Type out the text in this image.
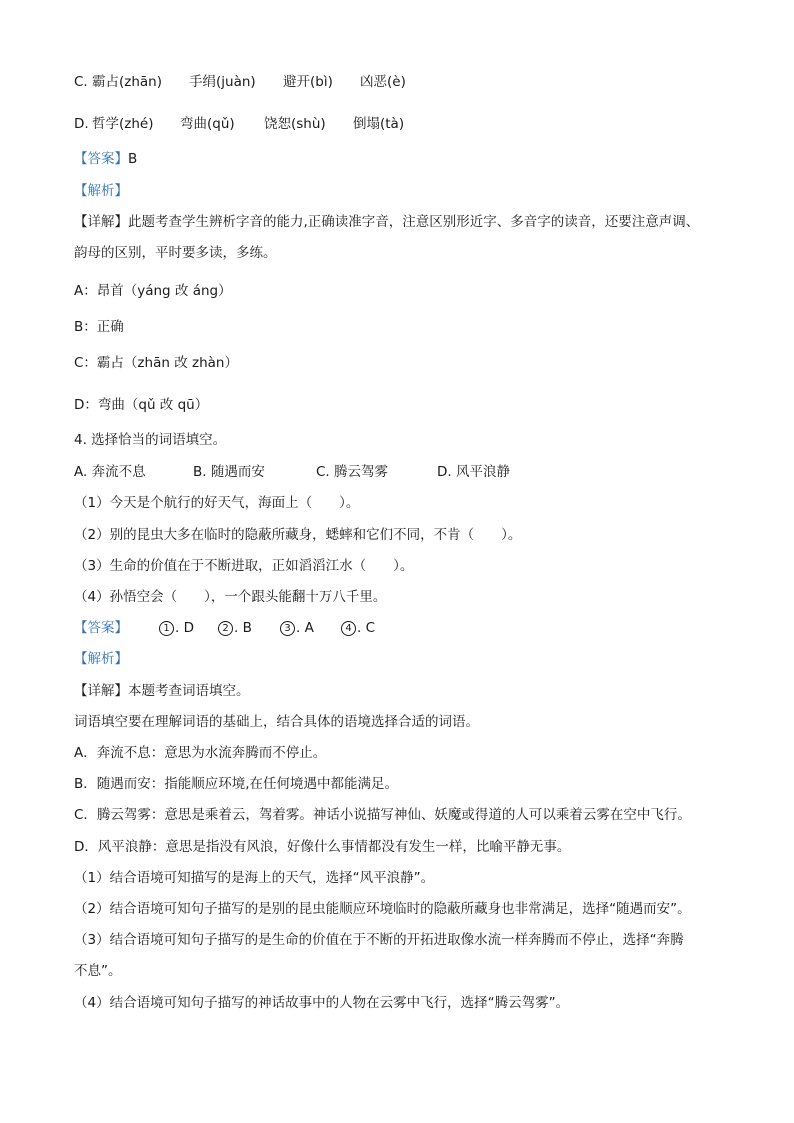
C. 霸占(zhān) 手绢(juàn) 避开(bì) 凶恶(è)
D. 哲学(zhé) 弯曲(qǔ) 饶恕(shù) 倒塌(tà)
【答案】B
【解析】
【详解】此题考查学生辨析字音的能力,正确读准字音，注意区别形近字、多音字的读音，还要注意声调、
韵母的区别，平时要多读，多练。
A：昂首（yáng 改 áng）
B：正确
C：霸占（zhān 改 zhàn）
D：弯曲（qǔ 改 qū）
4. 选择恰当的词语填空。
A. 奔流不息	B. 随遇而安	C. 腾云驾雾	D. 风平浪静
（1）今天是个航行的好天气，海面上（　　）。
（2）别的昆虫大多在临时的隐蔽所藏身，蟋蟀和它们不同，不肯（　　）。
（3）生命的价值在于不断进取，正如滔滔江水（　　）。
（4）孙悟空会（　　），一个跟头能翻十万八千里。
【答案】	1 . D	2 . B	3 . A	4 . C
【解析】
【详解】本题考查词语填空。
词语填空要在理解词语的基础上，结合具体的语境选择合适的词语。
A．奔流不息：意思为水流奔腾而不停止。
B．随遇而安：指能顺应环境,在任何境遇中都能满足。
C．腾云驾雾：意思是乘着云，驾着雾。神话小说描写神仙、妖魔或得道的人可以乘着云雾在空中飞行。
D．风平浪静：意思是指没有风浪，好像什么事情都没有发生一样，比喻平静无事。
（1）结合语境可知描写的是海上的天气，选择“风平浪静”。
（2）结合语境可知句子描写的是别的昆虫能顺应环境临时的隐蔽所藏身也非常满足，选择“随遇而安”。
（3）结合语境可知句子描写的是生命的价值在于不断的开拓进取像水流一样奔腾而不停止，选择“奔腾
不息”。
（4）结合语境可知句子描写的神话故事中的人物在云雾中飞行，选择“腾云驾雾”。
